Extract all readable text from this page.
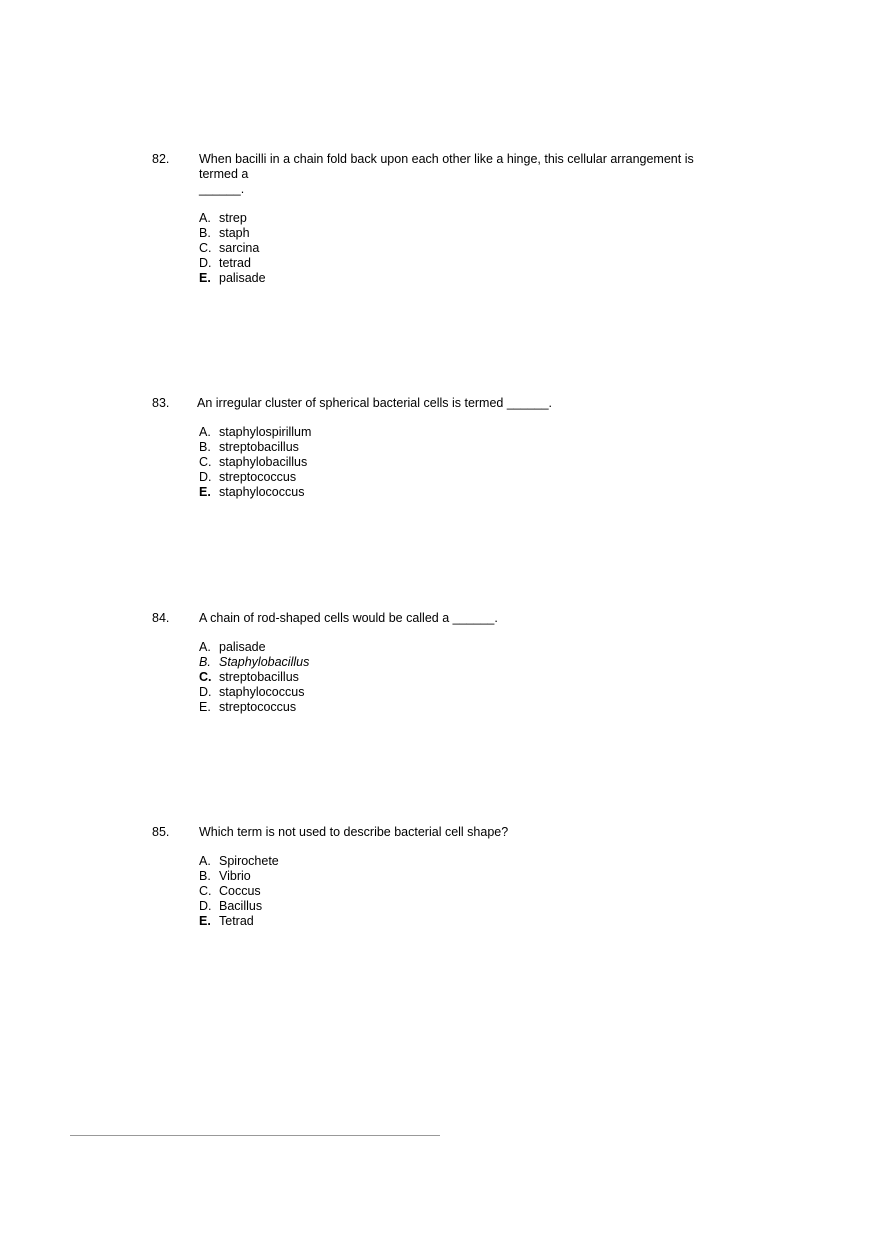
82.	When bacilli in a chain fold back upon each other like a hinge, this cellular arrangement is
termed a
______.
A. strep
B. staph
C. sarcina
D. tetrad
E. palisade
83.	An irregular cluster of spherical bacterial cells is termed ______.
A. staphylospirillum
B. streptobacillus
C. staphylobacillus
D. streptococcus
E. staphylococcus
84.	A chain of rod-shaped cells would be called a ______.
A. palisade
B. Staphylobacillus
C. streptobacillus
D. staphylococcus
E. streptococcus
85.	Which term is not used to describe bacterial cell shape?
A. Spirochete
B. Vibrio
C. Coccus
D. Bacillus
E. Tetrad
